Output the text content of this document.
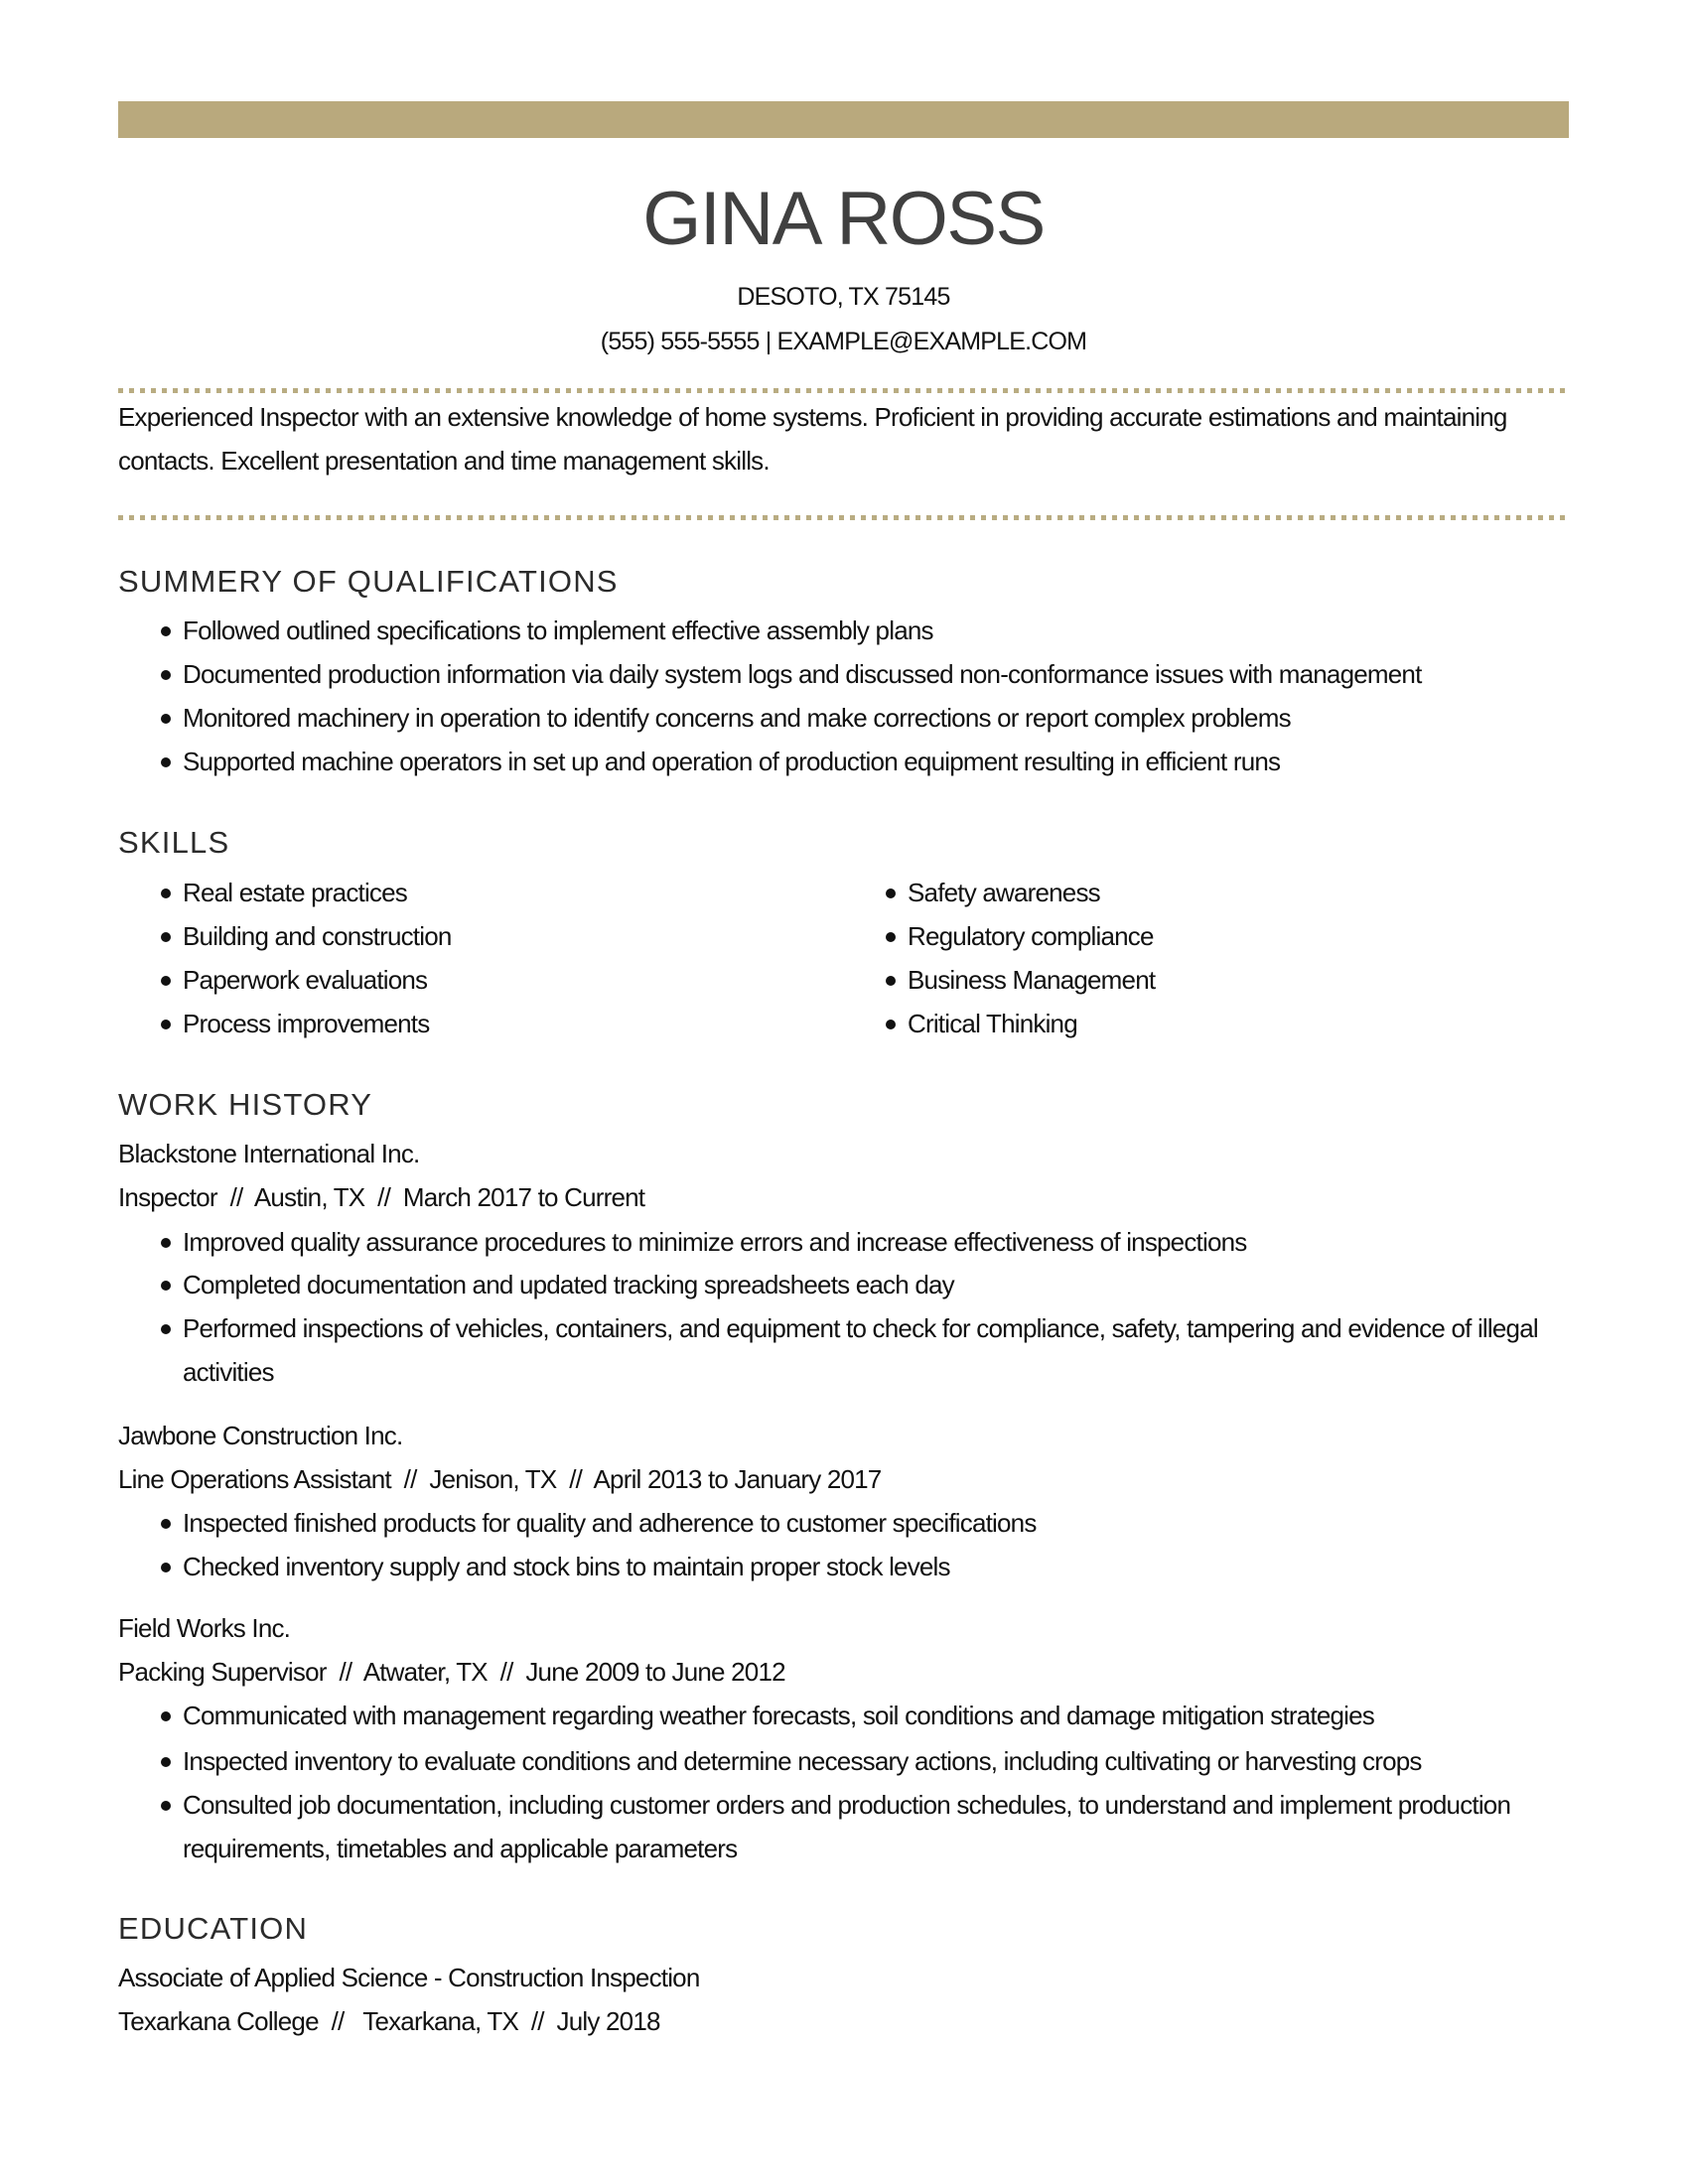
GINA ROSS
DESOTO, TX 75145
(555) 555-5555 | EXAMPLE@EXAMPLE.COM
Experienced Inspector with an extensive knowledge of home systems. Proficient in providing accurate estimations and maintaining
contacts. Excellent presentation and time management skills.
SUMMERY OF QUALIFICATIONS
Followed outlined specifications to implement effective assembly plans
Documented production information via daily system logs and discussed non-conformance issues with management
Monitored machinery in operation to identify concerns and make corrections or report complex problems
Supported machine operators in set up and operation of production equipment resulting in efficient runs
SKILLS
Real estate practices
Building and construction
Paperwork evaluations
Process improvements
Safety awareness
Regulatory compliance
Business Management
Critical Thinking
WORK HISTORY
Blackstone International Inc.
Inspector  //  Austin, TX  //  March 2017 to Current
Improved quality assurance procedures to minimize errors and increase effectiveness of inspections
Completed documentation and updated tracking spreadsheets each day
Performed inspections of vehicles, containers, and equipment to check for compliance, safety, tampering and evidence of illegal
activities
Jawbone Construction Inc.
Line Operations Assistant  //  Jenison, TX  //  April 2013 to January 2017
Inspected finished products for quality and adherence to customer specifications
Checked inventory supply and stock bins to maintain proper stock levels
Field Works Inc.
Packing Supervisor  //  Atwater, TX  //  June 2009 to June 2012
Communicated with management regarding weather forecasts, soil conditions and damage mitigation strategies
Inspected inventory to evaluate conditions and determine necessary actions, including cultivating or harvesting crops
Consulted job documentation, including customer orders and production schedules, to understand and implement production
requirements, timetables and applicable parameters
EDUCATION
Associate of Applied Science - Construction Inspection
Texarkana College  //   Texarkana, TX  //  July 2018
